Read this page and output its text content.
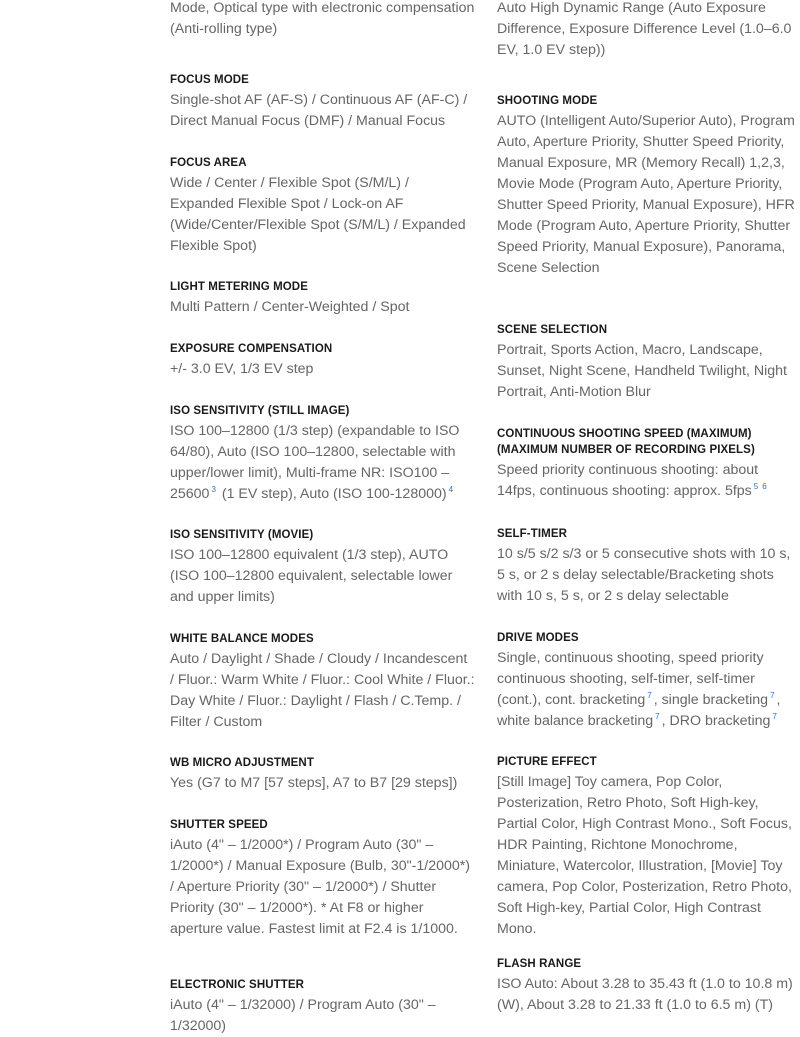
Mode, Optical type with electronic compensation (Anti-rolling type)

FOCUS MODE

Single-shot AF (AF-S) / Continuous AF (AF-C) / Direct Manual Focus (DMF) / Manual Focus

FOCUS AREA

Wide / Center / Flexible Spot (S/M/L) / Expanded Flexible Spot / Lock-on AF (Wide/Center/Flexible Spot (S/M/L) / Expanded Flexible Spot)

LIGHT METERING MODE

Multi Pattern / Center-Weighted / Spot

EXPOSURE COMPENSATION

+/- 3.0 EV, 1/3 EV step

ISO SENSITIVITY (STILL IMAGE)

ISO 100–12800 (1/3 step) (expandable to ISO 64/80), Auto (ISO 100–12800, selectable with upper/lower limit), Multi-frame NR: ISO100 –25600 $^3$ (1 EV step), Auto (ISO 100-128000) $^4$

ISO SENSITIVITY (MOVIE)

ISO 100–12800 equivalent (1/3 step), AUTO (ISO 100–12800 equivalent, selectable lower and upper limits)

WHITE BALANCE MODES

Auto / Daylight / Shade / Cloudy / Incandescent / Fluor.: Warm White / Fluor.: Cool White / Fluor.: Day White / Fluor.: Daylight / Flash / C.Temp. / Filter / Custom

WB MICRO ADJUSTMENT

Yes (G7 to M7 [57 steps], A7 to B7 [29 steps])

SHUTTER SPEED

iAuto (4" – 1/2000*) / Program Auto (30" – 1/2000*) / Manual Exposure (Bulb, 30"-1/2000*) / Aperture Priority (30" – 1/2000*) / Shutter Priority (30" – 1/2000*). * At F8 or higher aperture value. Fastest limit at F2.4 is 1/1000.

ELECTRONIC SHUTTER

iAuto (4" – 1/32000) / Program Auto (30" – 1/32000)

Auto High Dynamic Range (Auto Exposure Difference, Exposure Difference Level (1.0–6.0 EV, 1.0 EV step))

SHOOTING MODE

AUTO (Intelligent Auto/Superior Auto), Program Auto, Aperture Priority, Shutter Speed Priority, Manual Exposure, MR (Memory Recall) 1,2,3, Movie Mode (Program Auto, Aperture Priority, Shutter Speed Priority, Manual Exposure), HFR Mode (Program Auto, Aperture Priority, Shutter Speed Priority, Manual Exposure), Panorama, Scene Selection

SCENE SELECTION

Portrait, Sports Action, Macro, Landscape, Sunset, Night Scene, Handheld Twilight, Night Portrait, Anti-Motion Blur

CONTINUOUS SHOOTING SPEED (MAXIMUM)
(MAXIMUM NUMBER OF RECORDING PIXELS)

Speed priority continuous shooting: about 14fps, continuous shooting: approx. 5fps $^5$ $^6$

SELF-TIMER

10 s/5 s/2 s/3 or 5 consecutive shots with 10 s, 5 s, or 2 s delay selectable/Bracketing shots with 10 s, 5 s, or 2 s delay selectable

DRIVE MODES

Single, continuous shooting, speed priority continuous shooting, self-timer, self-timer (cont.), cont. bracketing $^7$ , single bracketing $^7$ , white balance bracketing $^7$ , DRO bracketing $^7$

PICTURE EFFECT

[Still Image] Toy camera, Pop Color, Posterization, Retro Photo, Soft High-key, Partial Color, High Contrast Mono., Soft Focus, HDR Painting, Richtone Monochrome, Miniature, Watercolor, Illustration, [Movie] Toy camera, Pop Color, Posterization, Retro Photo, Soft High-key, Partial Color, High Contrast Mono.

FLASH RANGE

ISO Auto: About 3.28 to 35.43 ft (1.0 to 10.8 m) (W), About 3.28 to 21.33 ft (1.0 to 6.5 m) (T)
